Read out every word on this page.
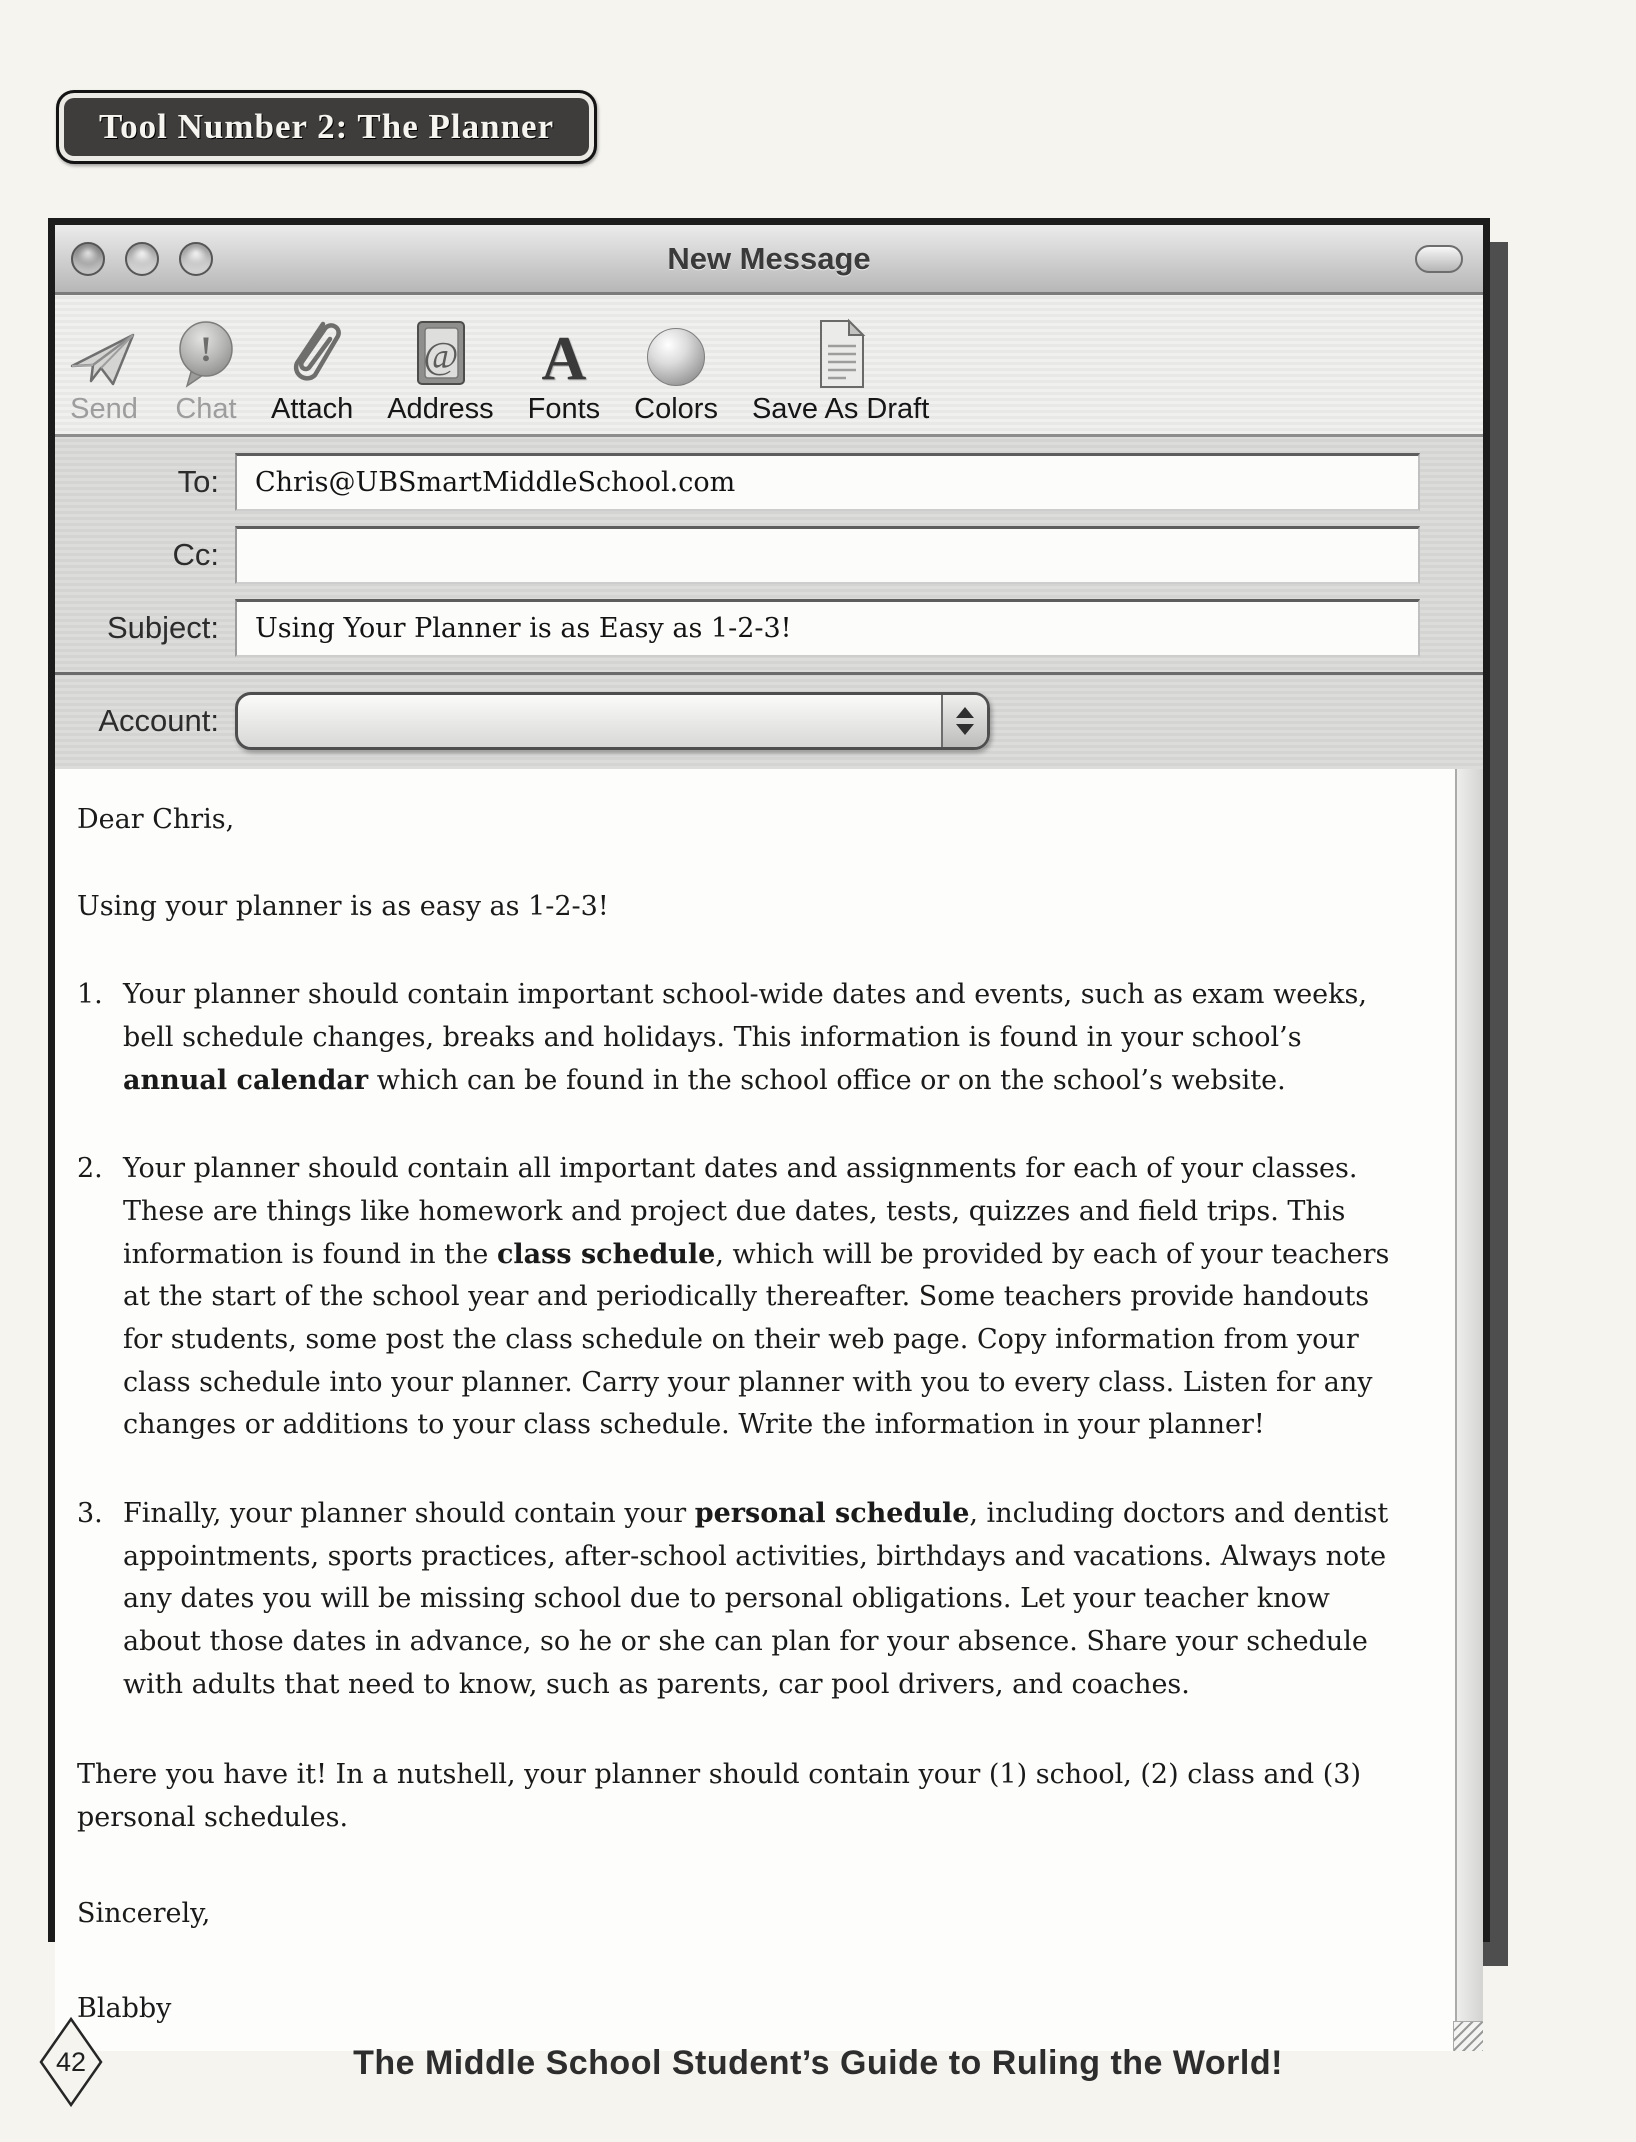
Tool Number 2: The Planner
New Message
Send
!
Chat Attach
@
Address
A
Fonts Colors Save As Draft
To:	Chris@UBSmartMiddleSchool.com
Cc:
Subject:	Using Your Planner is as Easy as 1-2-3!
Account:

Dear Chris,

Using your planner is as easy as 1-2-3!

1. Your planner should contain important school-wide dates and events, such as exam weeks, bell schedule changes, breaks and holidays. This information is found in your school’s annual calendar which can be found in the school office or on the school’s website.

2. Your planner should contain all important dates and assignments for each of your classes. These are things like homework and project due dates, tests, quizzes and field trips. This information is found in the class schedule, which will be provided by each of your teachers at the start of the school year and periodically thereafter. Some teachers provide handouts for students, some post the class schedule on their web page. Copy information from your class schedule into your planner. Carry your planner with you to every class. Listen for any changes or additions to your class schedule. Write the information in your planner!

3. Finally, your planner should contain your personal schedule, including doctors and dentist appointments, sports practices, after-school activities, birthdays and vacations. Always note any dates you will be missing school due to personal obligations. Let your teacher know about those dates in advance, so he or she can plan for your absence. Share your schedule with adults that need to know, such as parents, car pool drivers, and coaches.

There you have it! In a nutshell, your planner should contain your (1) school, (2) class and (3) personal schedules.

Sincerely,

Blabby

42	The Middle School Student’s Guide to Ruling the World!
